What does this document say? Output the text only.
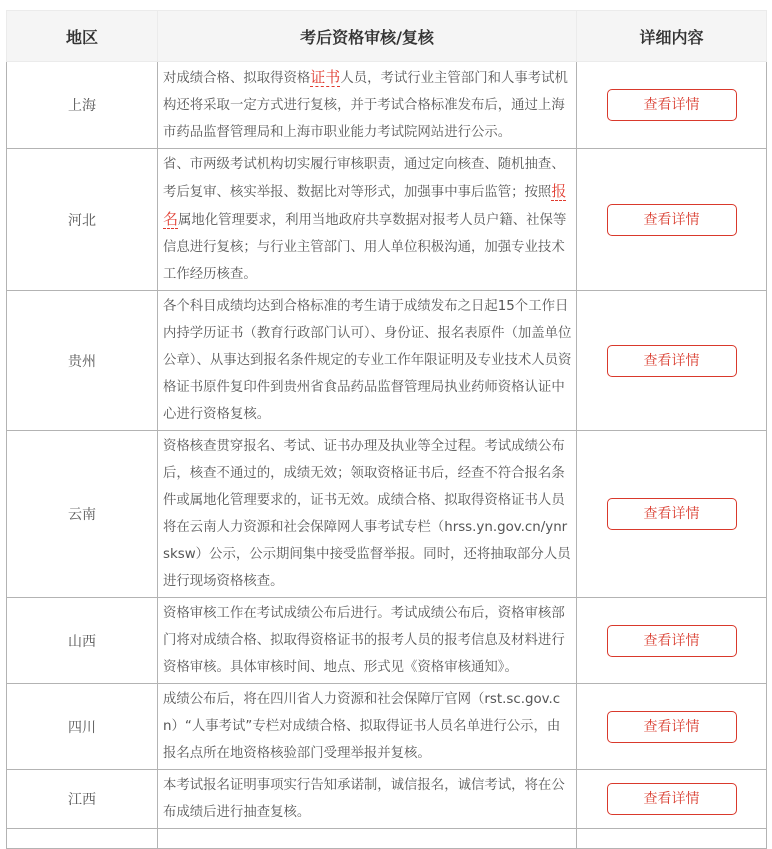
地区	考后资格审核/复核	详细内容
上海	对成绩合格、拟取得资格证书人员，考试行业主管部门和人事考试机构还将采取一定方式进行复核，并于考试合格标准发布后，通过上海市药品监督管理局和上海市职业能力考试院网站进行公示。	查看详情
河北	省、市两级考试机构切实履行审核职责，通过定向核查、随机抽查、考后复审、核实举报、数据比对等形式，加强事中事后监管；按照报名属地化管理要求，利用当地政府共享数据对报考人员户籍、社保等信息进行复核；与行业主管部门、用人单位积极沟通，加强专业技术工作经历核查。	查看详情
贵州	各个科目成绩均达到合格标准的考生请于成绩发布之日起15个工作日内持学历证书（教育行政部门认可）、身份证、报名表原件（加盖单位公章）、从事达到报名条件规定的专业工作年限证明及专业技术人员资格证书原件复印件到贵州省食品药品监督管理局执业药师资格认证中心进行资格复核。	查看详情
云南	资格核查贯穿报名、考试、证书办理及执业等全过程。考试成绩公布后，核查不通过的，成绩无效；领取资格证书后，经查不符合报名条件或属地化管理要求的，证书无效。成绩合格、拟取得资格证书人员将在云南人力资源和社会保障网人事考试专栏（hrss.yn.gov.cn/ynrsksw）公示，公示期间集中接受监督举报。同时，还将抽取部分人员进行现场资格核查。	查看详情
山西	资格审核工作在考试成绩公布后进行。考试成绩公布后，资格审核部门将对成绩合格、拟取得资格证书的报考人员的报考信息及材料进行资格审核。具体审核时间、地点、形式见《资格审核通知》。	查看详情
四川	成绩公布后，将在四川省人力资源和社会保障厅官网（rst.sc.gov.cn）“人事考试”专栏对成绩合格、拟取得证书人员名单进行公示，由报名点所在地资格核验部门受理举报并复核。	查看详情
江西	本考试报名证明事项实行告知承诺制，诚信报名，诚信考试，将在公布成绩后进行抽查复核。	查看详情
